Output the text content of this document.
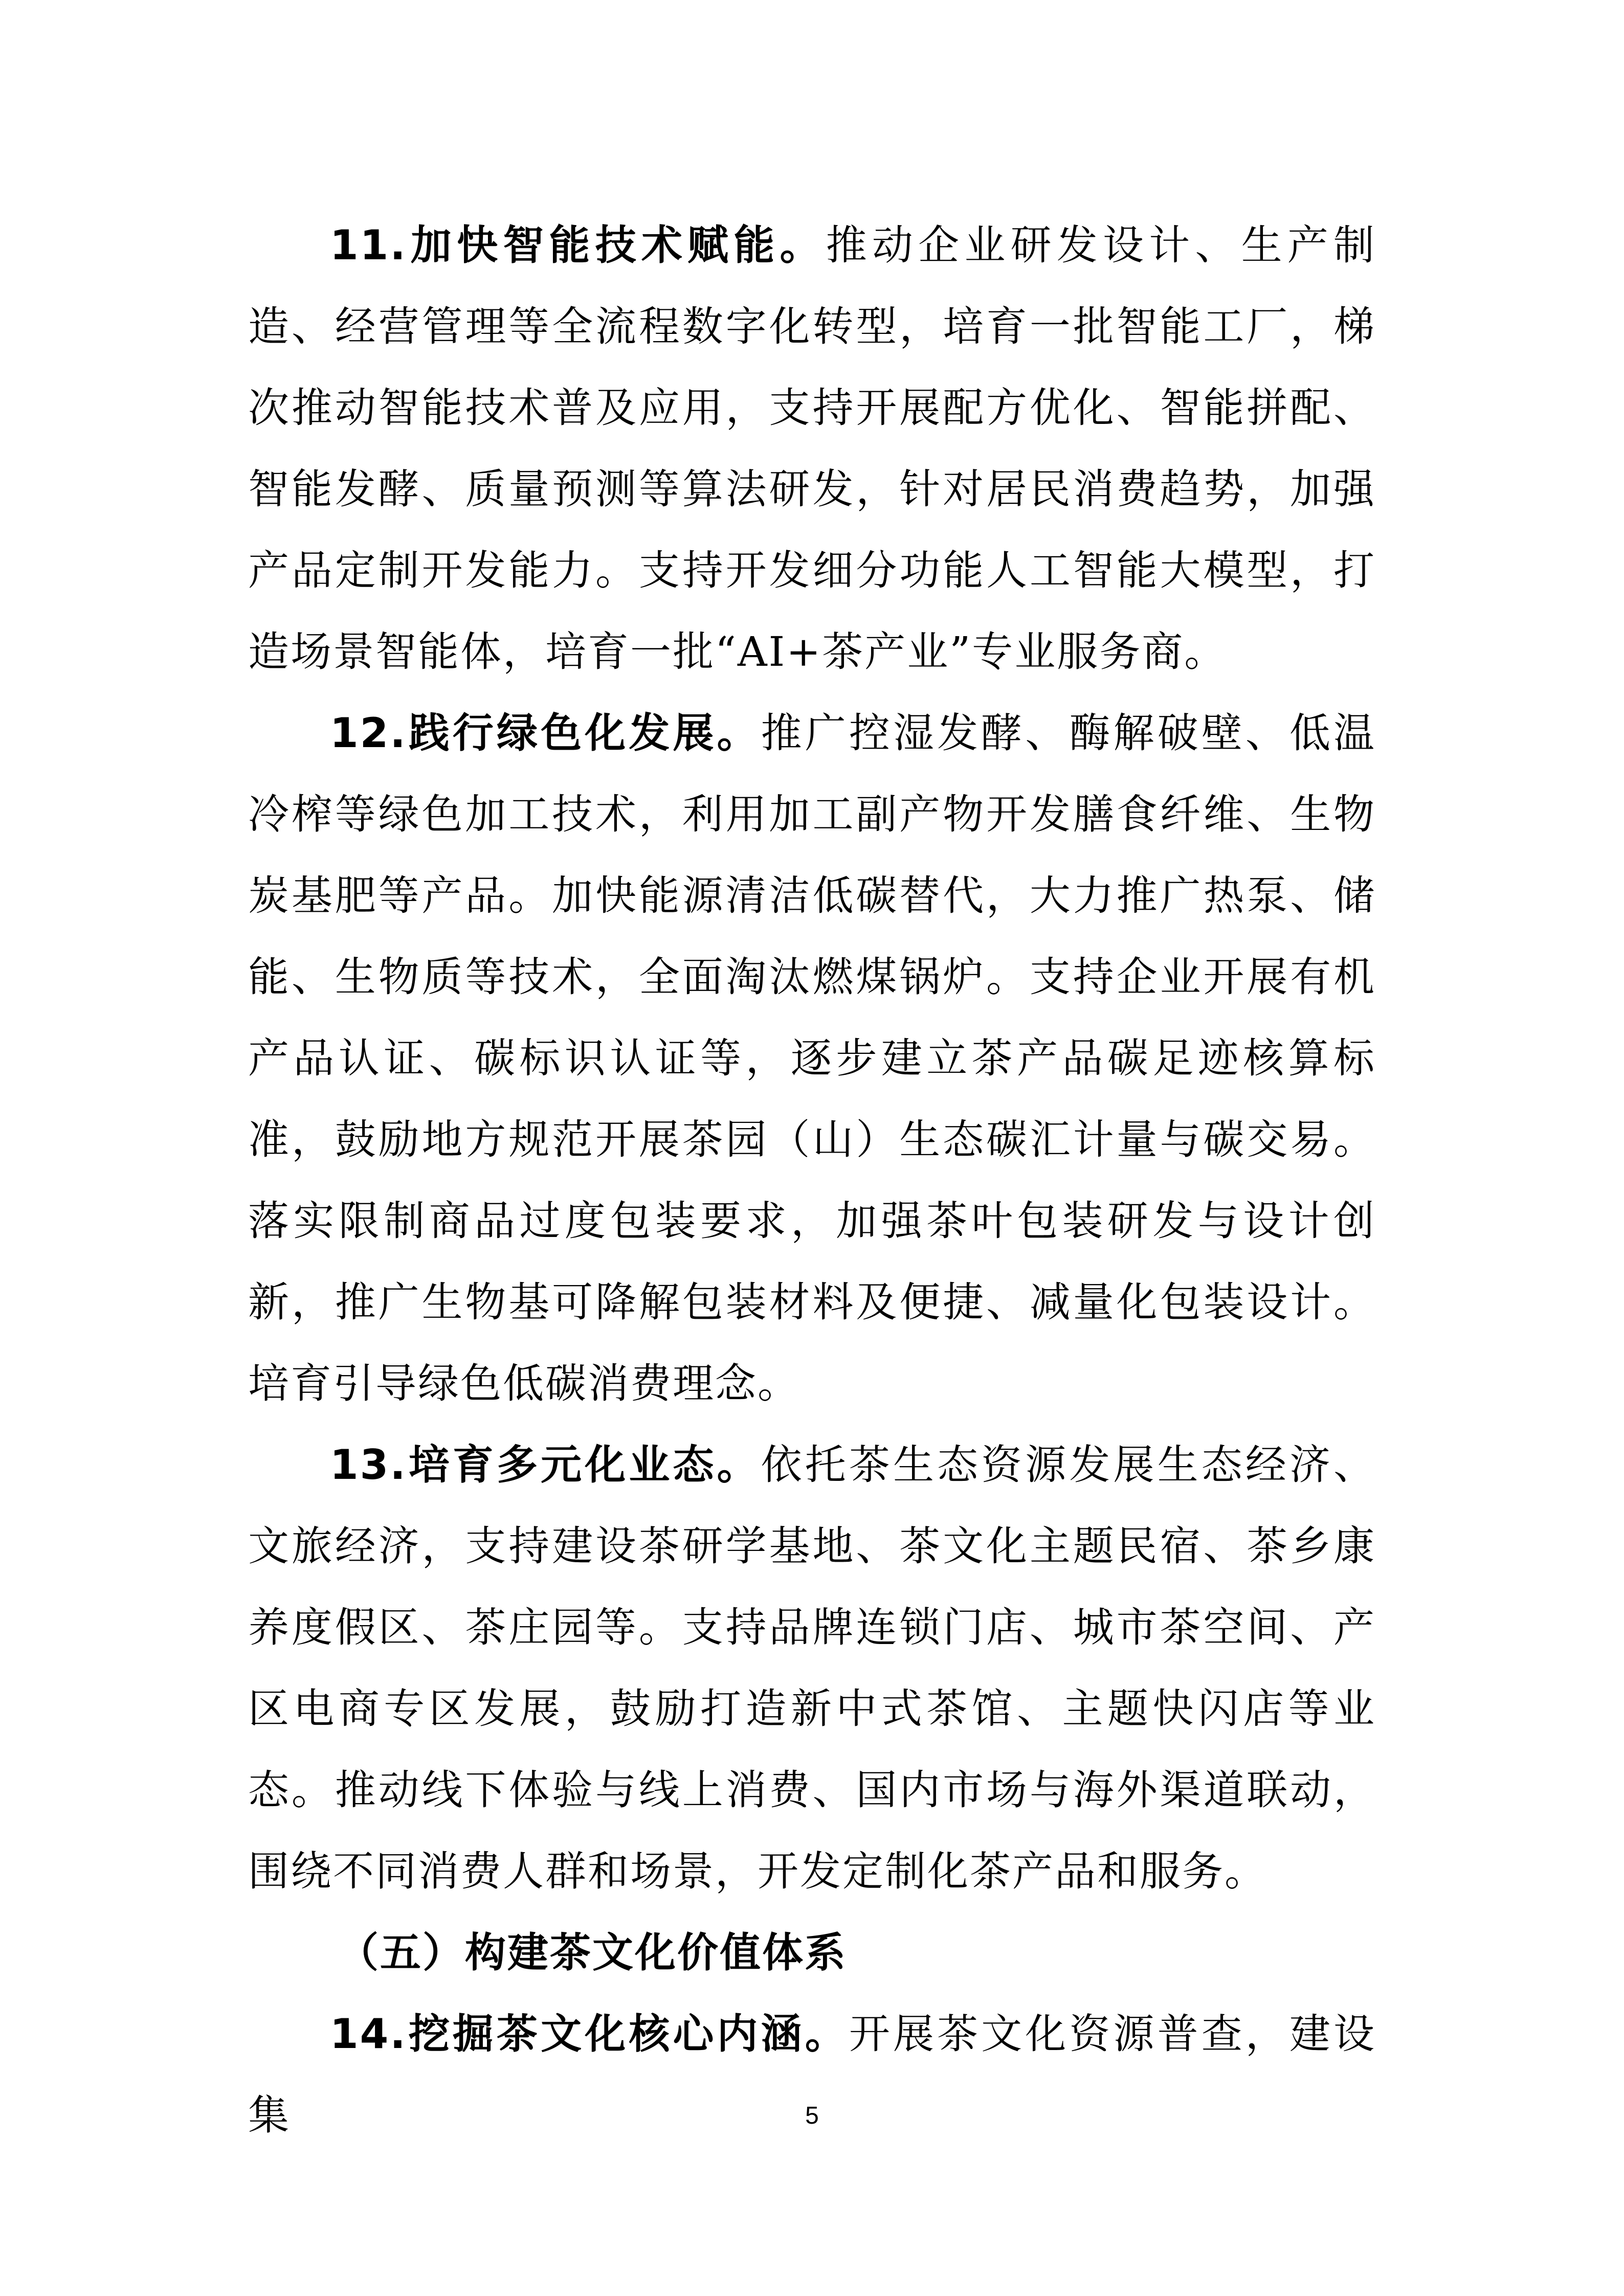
11.加快智能技术赋能。推动企业研发设计、生产制造、经营管理等全流程数字化转型，培育一批智能工厂，梯次推动智能技术普及应用，支持开展配方优化、智能拼配、智能发酵、质量预测等算法研发，针对居民消费趋势，加强产品定制开发能力。支持开发细分功能人工智能大模型，打造场景智能体，培育一批“AI+茶产业”专业服务商。

12.践行绿色化发展。推广控湿发酵、酶解破壁、低温冷榨等绿色加工技术，利用加工副产物开发膳食纤维、生物炭基肥等产品。加快能源清洁低碳替代，大力推广热泵、储能、生物质等技术，全面淘汰燃煤锅炉。支持企业开展有机产品认证、碳标识认证等，逐步建立茶产品碳足迹核算标准，鼓励地方规范开展茶园（山）生态碳汇计量与碳交易。落实限制商品过度包装要求，加强茶叶包装研发与设计创新，推广生物基可降解包装材料及便捷、减量化包装设计。培育引导绿色低碳消费理念。

13.培育多元化业态。依托茶生态资源发展生态经济、文旅经济，支持建设茶研学基地、茶文化主题民宿、茶乡康养度假区、茶庄园等。支持品牌连锁门店、城市茶空间、产区电商专区发展，鼓励打造新中式茶馆、主题快闪店等业态。推动线下体验与线上消费、国内市场与海外渠道联动，围绕不同消费人群和场景，开发定制化茶产品和服务。

（五）构建茶文化价值体系

14.挖掘茶文化核心内涵。开展茶文化资源普查，建设集	5
